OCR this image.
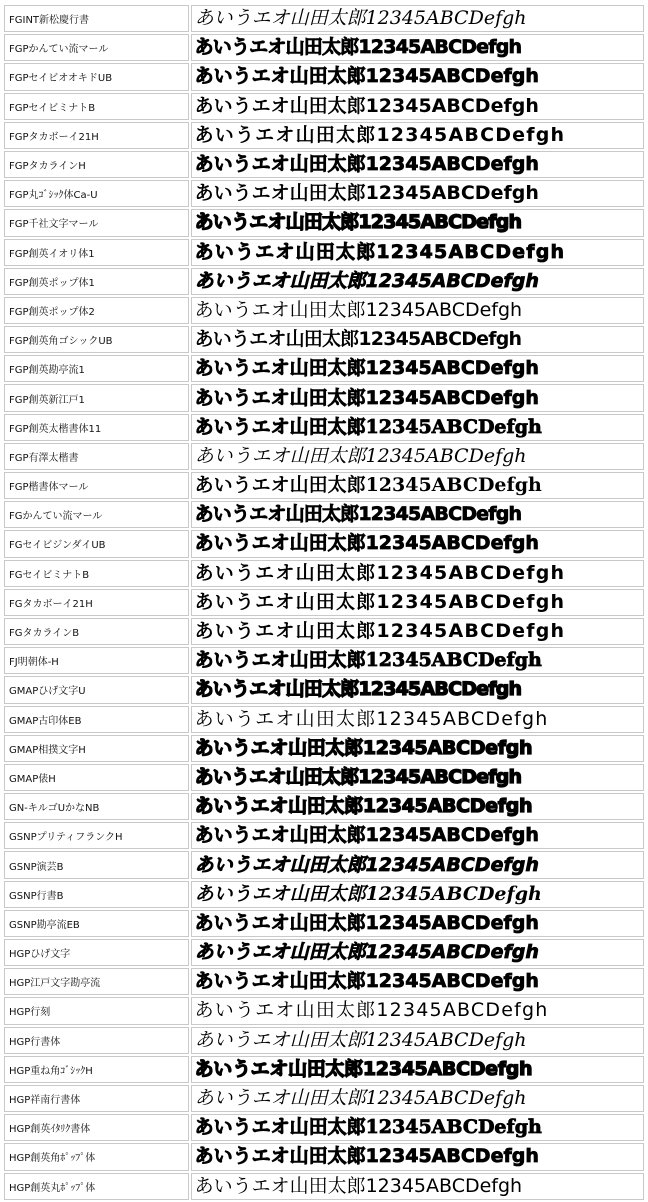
FGINT新松慶行書	あいうエオ山田太郎12345ABCDefgh
FGPかんてい流マール	あいうエオ山田太郎12345ABCDefgh
FGPセイビオオキドUB	あいうエオ山田太郎12345ABCDefgh
FGPセイビミナトB	あいうエオ山田太郎12345ABCDefgh
FGPタカボーイ21H	あいうエオ山田太郎12345ABCDefgh
FGPタカラインH	あいうエオ山田太郎12345ABCDefgh
FGP丸ｺﾞｼｯｸ体Ca-U	あいうエオ山田太郎12345ABCDefgh
FGP千社文字マール	あいうエオ山田太郎12345ABCDefgh
FGP創英イオリ体1	あいうエオ山田太郎12345ABCDefgh
FGP創英ポップ体1	あいうエオ山田太郎12345ABCDefgh
FGP創英ポップ体2	あいうエオ山田太郎12345ABCDefgh
FGP創英角ゴシックUB	あいうエオ山田太郎12345ABCDefgh
FGP創英勘亭流1	あいうエオ山田太郎12345ABCDefgh
FGP創英新江戸1	あいうエオ山田太郎12345ABCDefgh
FGP創英太楷書体11	あいうエオ山田太郎12345ABCDefgh
FGP有澤太楷書	あいうエオ山田太郎12345ABCDefgh
FGP楷書体マール	あいうエオ山田太郎12345ABCDefgh
FGかんてい流マール	あいうエオ山田太郎12345ABCDefgh
FGセイビジンダイUB	あいうエオ山田太郎12345ABCDefgh
FGセイビミナトB	あいうエオ山田太郎12345ABCDefgh
FGタカボーイ21H	あいうエオ山田太郎12345ABCDefgh
FGタカラインB	あいうエオ山田太郎12345ABCDefgh
FJ明朝体-H	あいうエオ山田太郎12345ABCDefgh
GMAPひげ文字U	あいうエオ山田太郎12345ABCDefgh
GMAP古印体EB	あいうエオ山田太郎12345ABCDefgh
GMAP相撲文字H	あいうエオ山田太郎12345ABCDefgh
GMAP俵H	あいうエオ山田太郎12345ABCDefgh
GN-キルゴUかなNB	あいうエオ山田太郎12345ABCDefgh
GSNPプリティフランクH	あいうエオ山田太郎12345ABCDefgh
GSNP演芸B	あいうエオ山田太郎12345ABCDefgh
GSNP行書B	あいうエオ山田太郎12345ABCDefgh
GSNP勘亭流EB	あいうエオ山田太郎12345ABCDefgh
HGPひげ文字	あいうエオ山田太郎12345ABCDefgh
HGP江戸文字勘亭流	あいうエオ山田太郎12345ABCDefgh
HGP行刻	あいうエオ山田太郎12345ABCDefgh
HGP行書体	あいうエオ山田太郎12345ABCDefgh
HGP重ね角ｺﾞｼｯｸH	あいうエオ山田太郎12345ABCDefgh
HGP祥南行書体	あいうエオ山田太郎12345ABCDefgh
HGP創英ｲﾀﾘｸ書体	あいうエオ山田太郎12345ABCDefgh
HGP創英角ﾎﾟｯﾌﾟ体	あいうエオ山田太郎12345ABCDefgh
HGP創英丸ﾎﾟｯﾌﾟ体	あいうエオ山田太郎12345ABCDefgh
